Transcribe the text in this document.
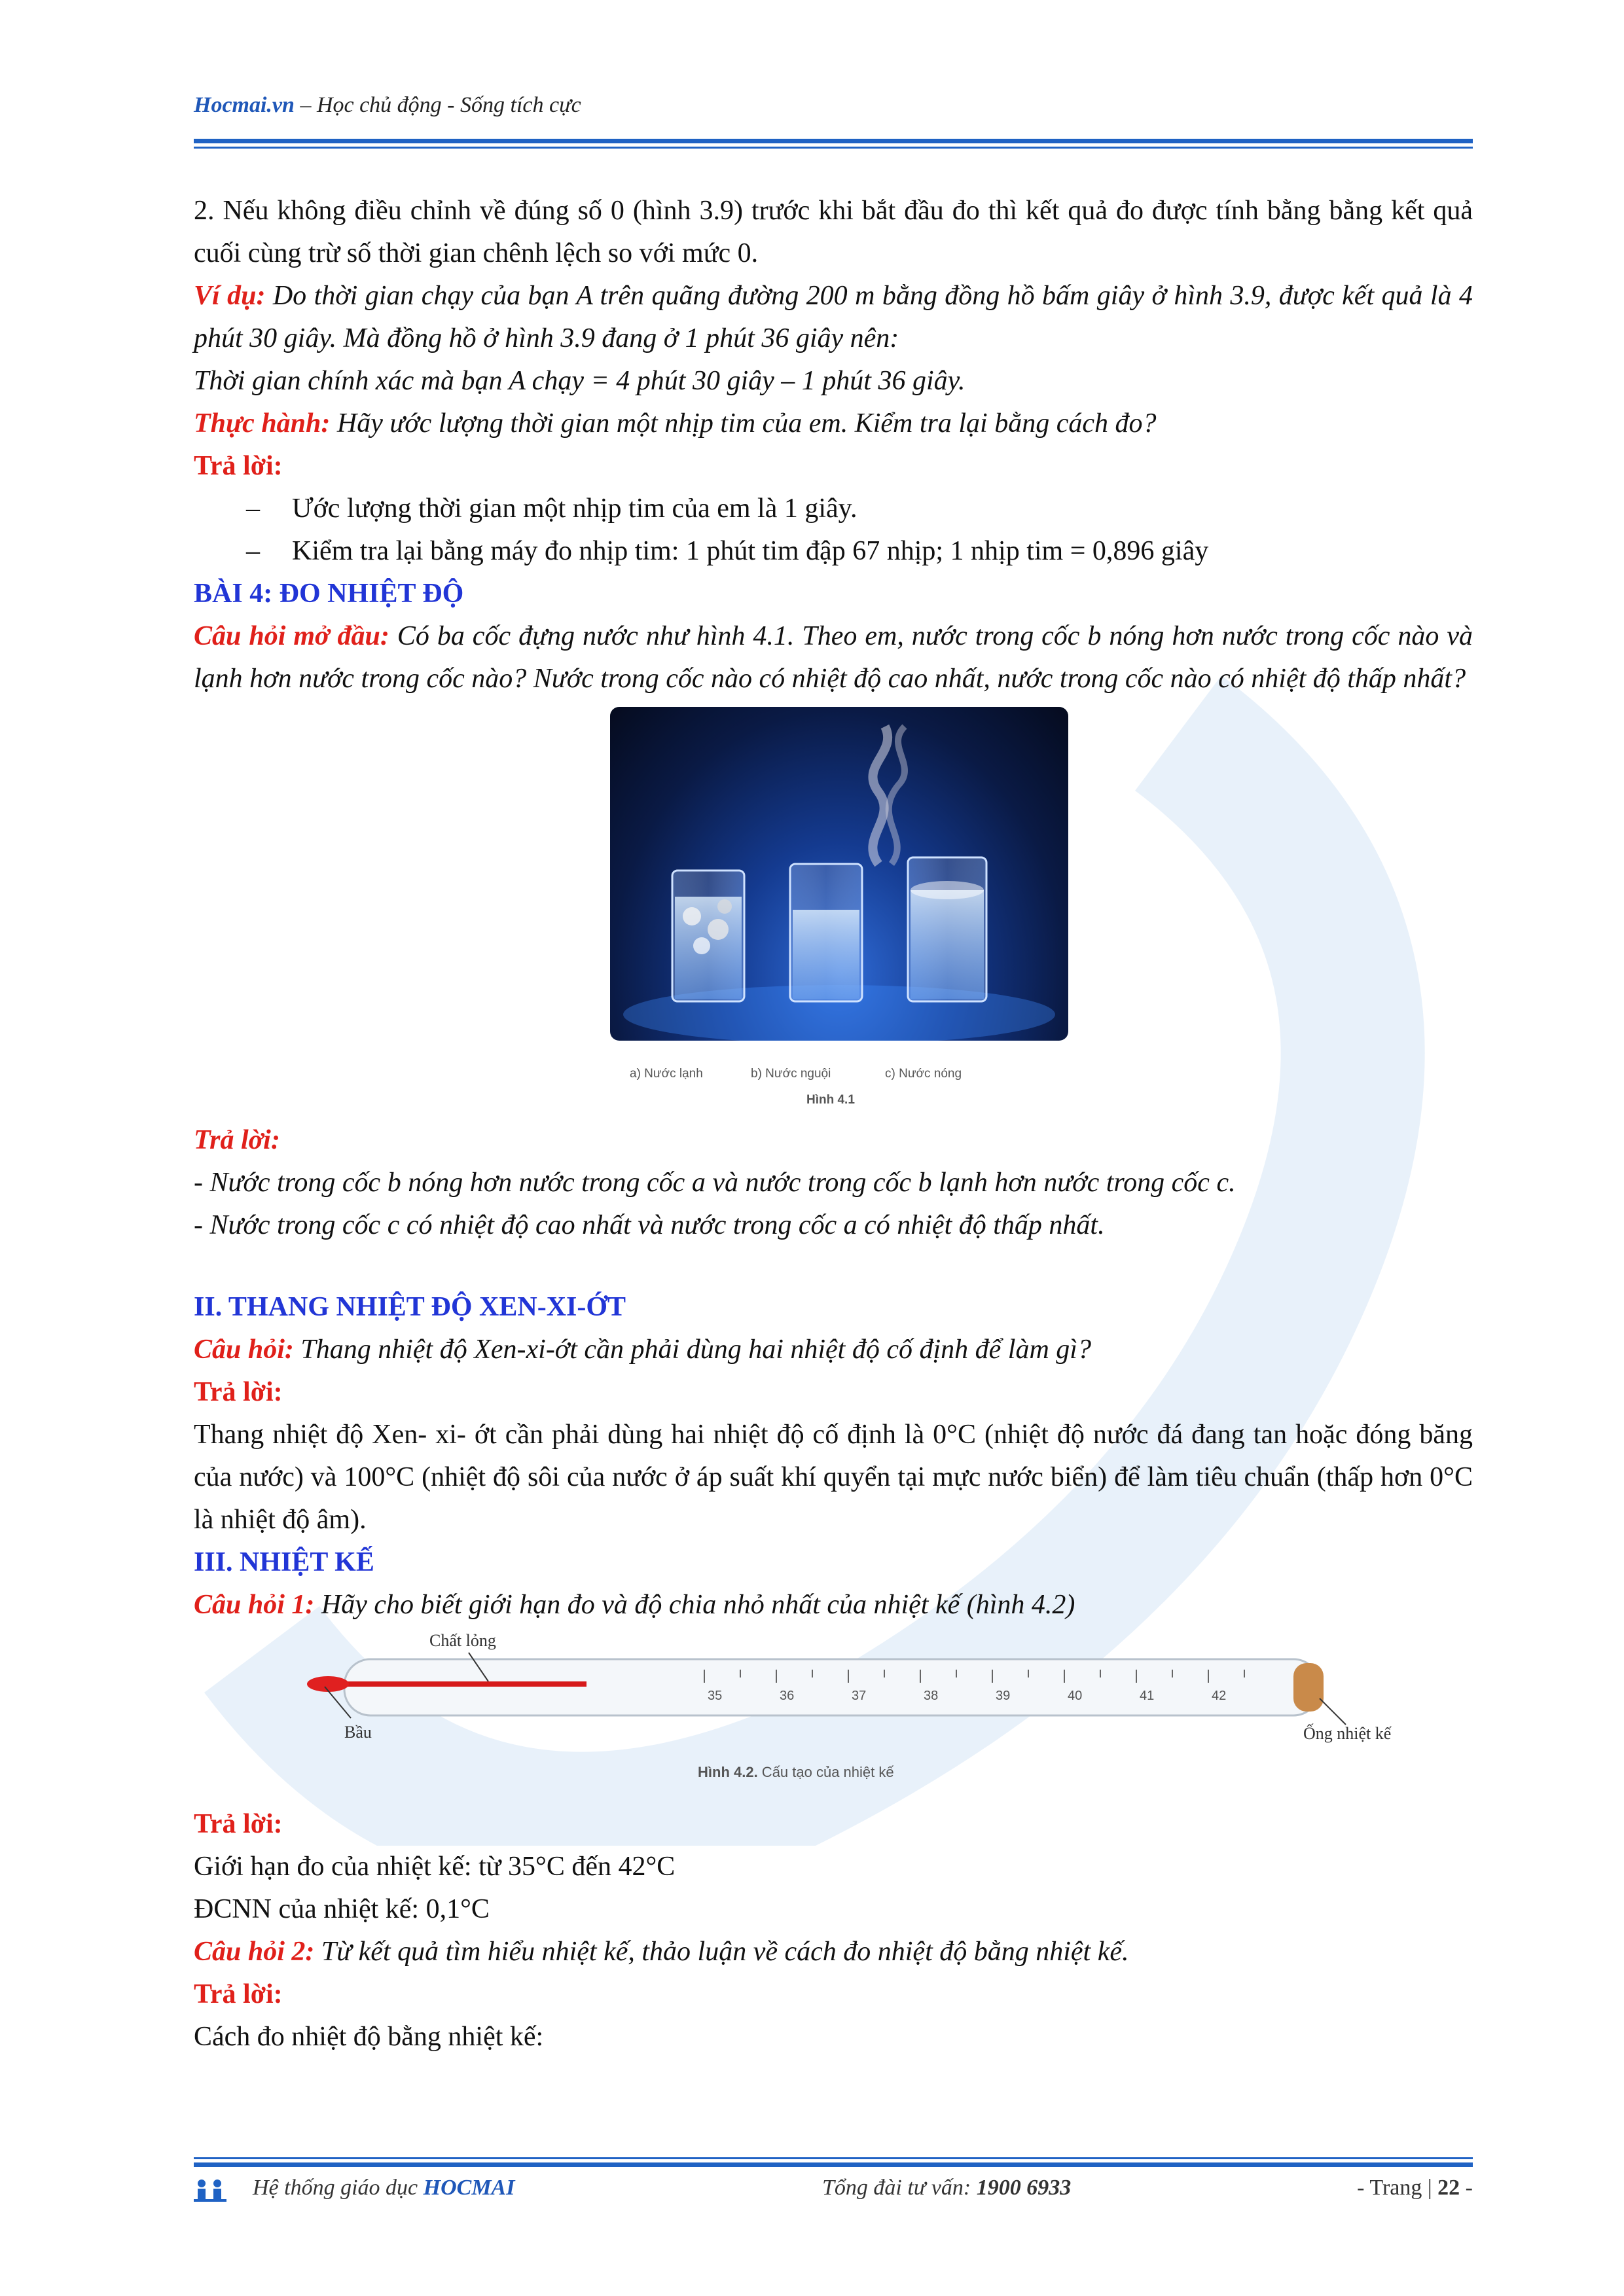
Hocmai.vn – Học chủ động - Sống tích cực

2. Nếu không điều chỉnh về đúng số 0 (hình 3.9) trước khi bắt đầu đo thì kết quả đo được tính bằng bằng kết quả cuối cùng trừ số thời gian chênh lệch so với mức 0.

Ví dụ: Do thời gian chạy của bạn A trên quãng đường 200 m bằng đồng hồ bấm giây ở hình 3.9, được kết quả là 4 phút 30 giây. Mà đồng hồ ở hình 3.9 đang ở 1 phút 36 giây nên:

Thời gian chính xác mà bạn A chạy = 4 phút 30 giây – 1 phút 36 giây.

Thực hành: Hãy ước lượng thời gian một nhịp tim của em. Kiểm tra lại bằng cách đo?

Trả lời:

– Ước lượng thời gian một nhịp tim của em là 1 giây.
– Kiểm tra lại bằng máy đo nhịp tim: 1 phút tim đập 67 nhịp; 1 nhịp tim = 0,896 giây

BÀI 4: ĐO NHIỆT ĐỘ

Câu hỏi mở đầu: Có ba cốc đựng nước như hình 4.1. Theo em, nước trong cốc b nóng hơn nước trong cốc nào và lạnh hơn nước trong cốc nào? Nước trong cốc nào có nhiệt độ cao nhất, nước trong cốc nào có nhiệt độ thấp nhất?

a) Nước lạnh	b) Nước nguội	c) Nước nóng
Hình 4.1

Trả lời:

- Nước trong cốc b nóng hơn nước trong cốc a và nước trong cốc b lạnh hơn nước trong cốc c.

- Nước trong cốc c có nhiệt độ cao nhất và nước trong cốc a có nhiệt độ thấp nhất.

II. THANG NHIỆT ĐỘ XEN-XI-ỚT

Câu hỏi: Thang nhiệt độ Xen-xi-ớt cần phải dùng hai nhiệt độ cố định để làm gì?

Trả lời:

Thang nhiệt độ Xen- xi- ớt cần phải dùng hai nhiệt độ cố định là 0°C (nhiệt độ nước đá đang tan hoặc đóng băng của nước) và 100°C (nhiệt độ sôi của nước ở áp suất khí quyển tại mực nước biển) để làm tiêu chuẩn (thấp hơn 0°C là nhiệt độ âm).

III. NHIỆT KẾ

Câu hỏi 1: Hãy cho biết giới hạn đo và độ chia nhỏ nhất của nhiệt kế (hình 4.2)

35	36	37	38	39	40	41	42
Chất lỏng
Bầu	Ống nhiệt kế
Hình 4.2. Cấu tạo của nhiệt kế

Trả lời:

Giới hạn đo của nhiệt kế: từ 35°C đến 42°C

ĐCNN của nhiệt kế: 0,1°C

Câu hỏi 2: Từ kết quả tìm hiểu nhiệt kế, thảo luận về cách đo nhiệt độ bằng nhiệt kế.

Trả lời:

Cách đo nhiệt độ bằng nhiệt kế:

Hệ thống giáo dục HOCMAI	Tổng đài tư vấn: 1900 6933	- Trang | 22 -
